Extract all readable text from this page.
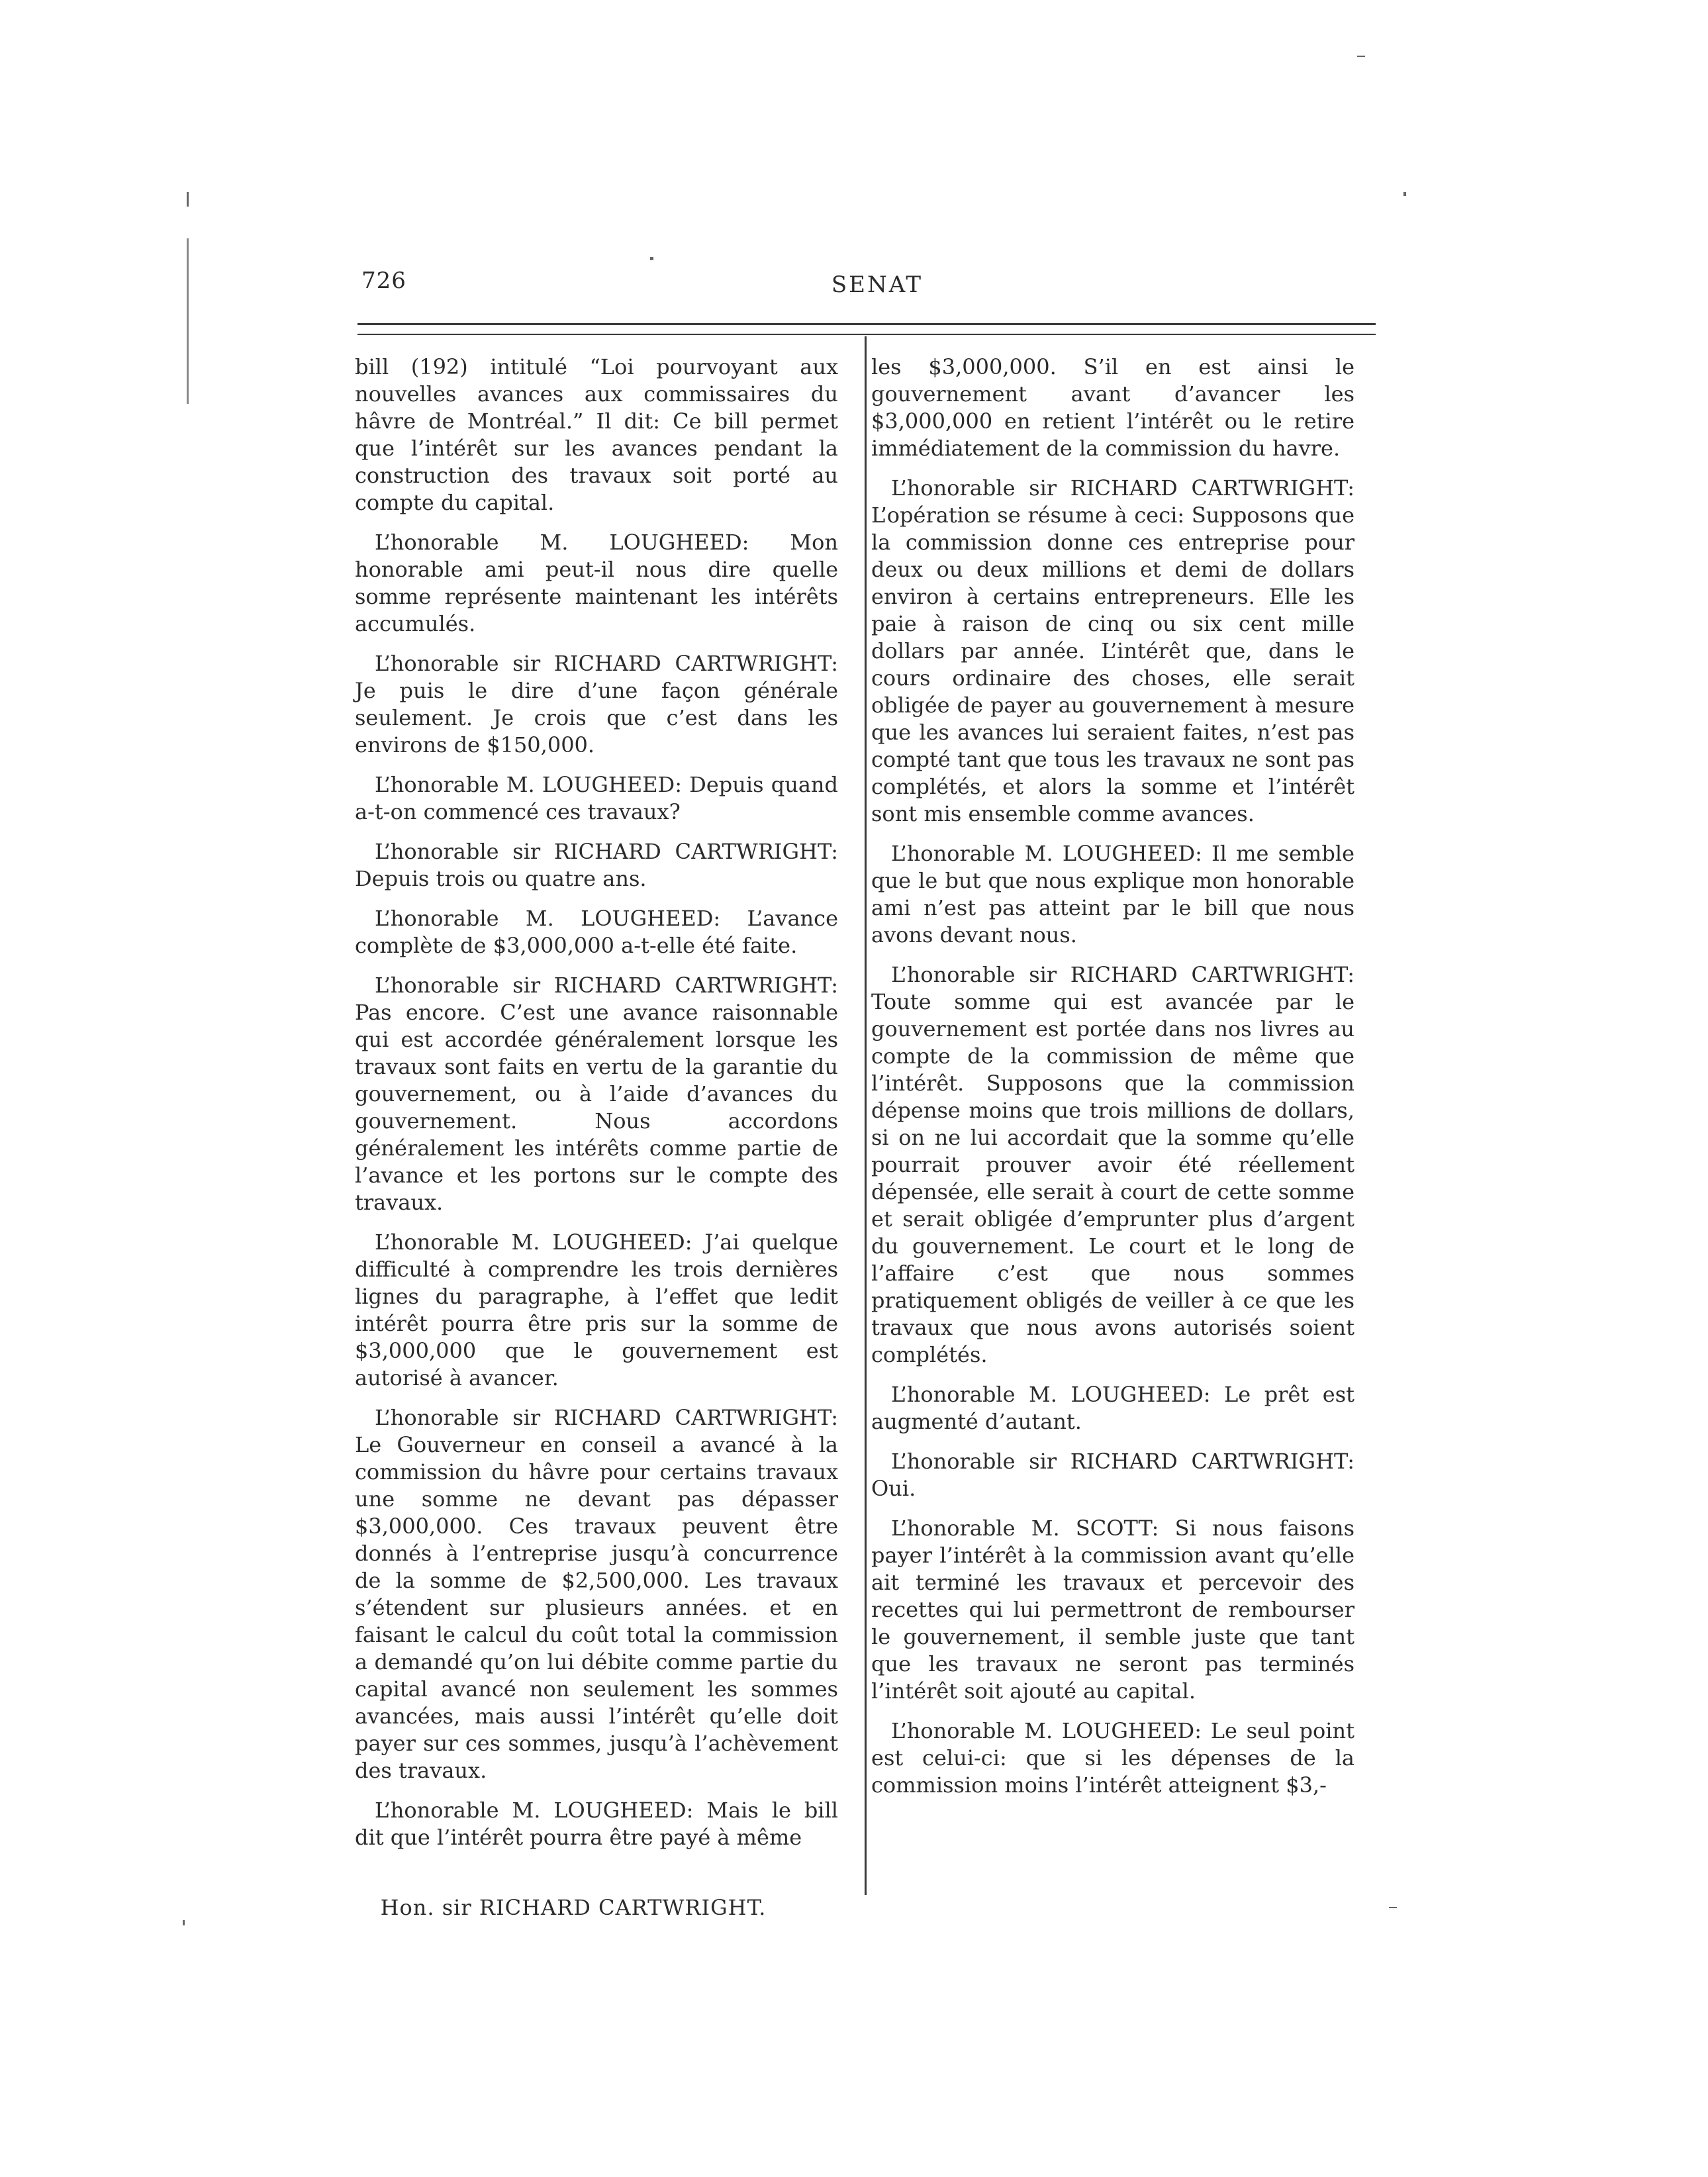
726	SENAT

bill (192) intitulé “Loi pourvoyant aux nouvelles avances aux commissaires du hâvre de Montréal.” Il dit: Ce bill permet que l’intérêt sur les avances pendant la construction des travaux soit porté au compte du capital.

L’honorable M. LOUGHEED: Mon honorable ami peut-il nous dire quelle somme représente maintenant les intérêts accumulés.

L’honorable sir RICHARD CARTWRIGHT: Je puis le dire d’une façon générale seulement. Je crois que c’est dans les environs de $150,000.

L’honorable M. LOUGHEED: Depuis quand a-t-on commencé ces travaux?

L’honorable sir RICHARD CARTWRIGHT: Depuis trois ou quatre ans.

L’honorable M. LOUGHEED: L’avance complète de $3,000,000 a-t-elle été faite.

L’honorable sir RICHARD CARTWRIGHT: Pas encore. C’est une avance raisonnable qui est accordée généralement lorsque les travaux sont faits en vertu de la garantie du gouvernement, ou à l’aide d’avances du gouvernement. Nous accordons généralement les intérêts comme partie de l’avance et les portons sur le compte des travaux.

L’honorable M. LOUGHEED: J’ai quelque difficulté à comprendre les trois dernières lignes du paragraphe, à l’effet que ledit intérêt pourra être pris sur la somme de $3,000,000 que le gouvernement est autorisé à avancer.

L’honorable sir RICHARD CARTWRIGHT: Le Gouverneur en conseil a avancé à la commission du hâvre pour certains travaux une somme ne devant pas dépasser $3,000,000. Ces travaux peuvent être donnés à l’entreprise jusqu’à concurrence de la somme de $2,500,000. Les travaux s’étendent sur plusieurs années. et en faisant le calcul du coût total la commission a demandé qu’on lui débite comme partie du capital avancé non seulement les sommes avancées, mais aussi l’intérêt qu’elle doit payer sur ces sommes, jusqu’à l’achèvement des travaux.

L’honorable M. LOUGHEED: Mais le bill dit que l’intérêt pourra être payé à même

les $3,000,000. S’il en est ainsi le gouvernement avant d’avancer les $3,000,000 en retient l’intérêt ou le retire immédiatement de la commission du havre.

L’honorable sir RICHARD CARTWRIGHT: L’opération se résume à ceci: Supposons que la commission donne ces entreprise pour deux ou deux millions et demi de dollars environ à certains entrepreneurs. Elle les paie à raison de cinq ou six cent mille dollars par année. L’intérêt que, dans le cours ordinaire des choses, elle serait obligée de payer au gouvernement à mesure que les avances lui seraient faites, n’est pas compté tant que tous les travaux ne sont pas complétés, et alors la somme et l’intérêt sont mis ensemble comme avances.

L’honorable M. LOUGHEED: Il me semble que le but que nous explique mon honorable ami n’est pas atteint par le bill que nous avons devant nous.

L’honorable sir RICHARD CARTWRIGHT: Toute somme qui est avancée par le gouvernement est portée dans nos livres au compte de la commission de même que l’intérêt. Supposons que la commission dépense moins que trois millions de dollars, si on ne lui accordait que la somme qu’elle pourrait prouver avoir été réellement dépensée, elle serait à court de cette somme et serait obligée d’emprunter plus d’argent du gouvernement. Le court et le long de l’affaire c’est que nous sommes pratiquement obligés de veiller à ce que les travaux que nous avons autorisés soient complétés.

L’honorable M. LOUGHEED: Le prêt est augmenté d’autant.

L’honorable sir RICHARD CARTWRIGHT: Oui.

L’honorable M. SCOTT: Si nous faisons payer l’intérêt à la commission avant qu’elle ait terminé les travaux et percevoir des recettes qui lui permettront de rembourser le gouvernement, il semble juste que tant que les travaux ne seront pas terminés l’intérêt soit ajouté au capital.

L’honorable M. LOUGHEED: Le seul point est celui-ci: que si les dépenses de la commission moins l’intérêt atteignent $3,-

Hon. sir RICHARD CARTWRIGHT.
